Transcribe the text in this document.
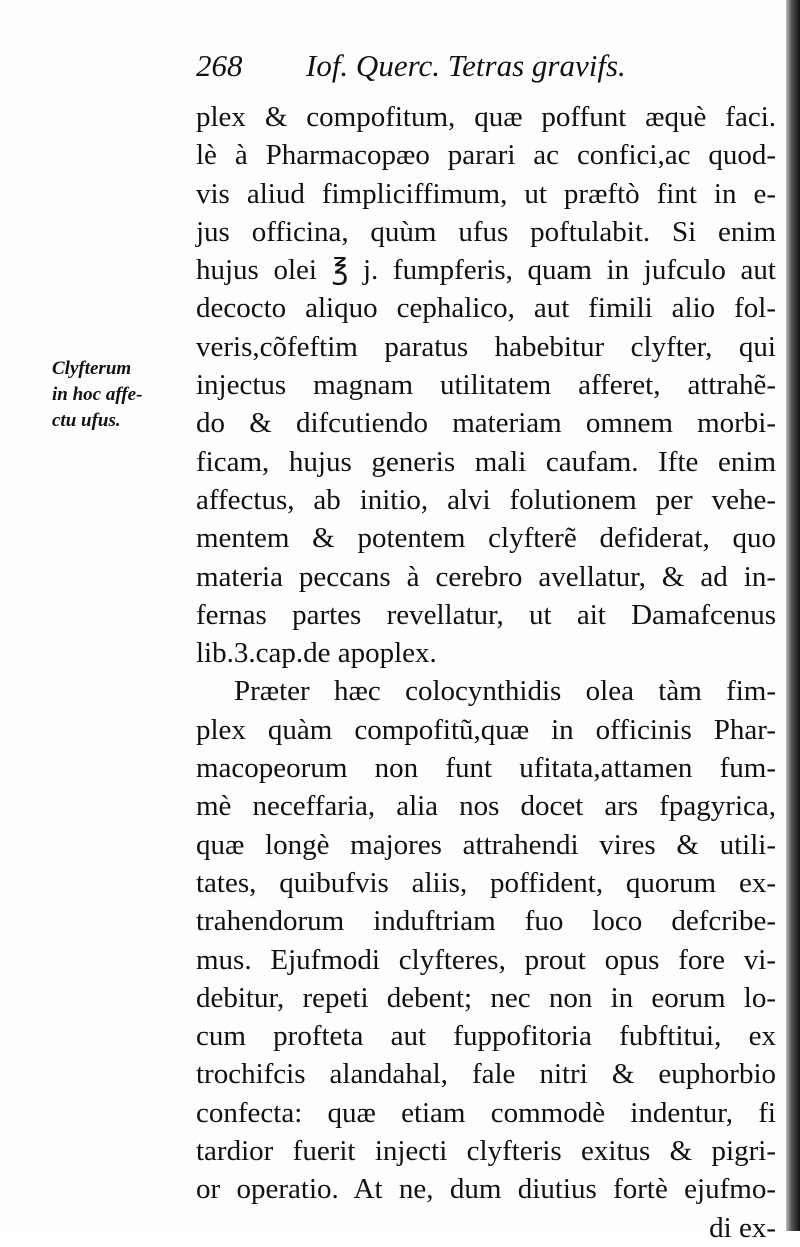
268 Iof. Querc. Tetras gravifs.
Clyfterum
in hoc affe-
ctu ufus.
plex & compofitum, quæ poffunt æquè faci.
lè à Pharmacopæo parari ac confici,ac quod-
vis aliud fimpliciffimum, ut præftò fint in e-
jus officina, quùm ufus poftulabit. Si enim
hujus olei ℥ j. fumpferis, quam in jufculo aut
decocto aliquo cephalico, aut fimili alio fol-
veris,cõfeftim paratus habebitur clyfter, qui
injectus magnam utilitatem afferet, attrahẽ-
do & difcutiendo materiam omnem morbi-
ficam, hujus generis mali caufam. Ifte enim
affectus, ab initio, alvi folutionem per vehe-
mentem & potentem clyfterẽ defiderat, quo
materia peccans à cerebro avellatur, & ad in-
fernas partes revellatur, ut ait Damafcenus
lib.3.cap.de apoplex.
Præter hæc colocynthidis olea tàm fim-
plex quàm compofitũ,quæ in officinis Phar-
macopeorum non funt ufitata,attamen fum-
mè neceffaria, alia nos docet ars fpagyrica,
quæ longè majores attrahendi vires & utili-
tates, quibufvis aliis, poffident, quorum ex-
trahendorum induftriam fuo loco defcribe-
mus. Ejufmodi clyfteres, prout opus fore vi-
debitur, repeti debent; nec non in eorum lo-
cum profteta aut fuppofitoria fubftitui, ex
trochifcis alandahal, fale nitri & euphorbio
confecta: quæ etiam commodè indentur, fi
tardior fuerit injecti clyfteris exitus & pigri-
or operatio. At ne, dum diutius fortè ejufmo-
di ex-
